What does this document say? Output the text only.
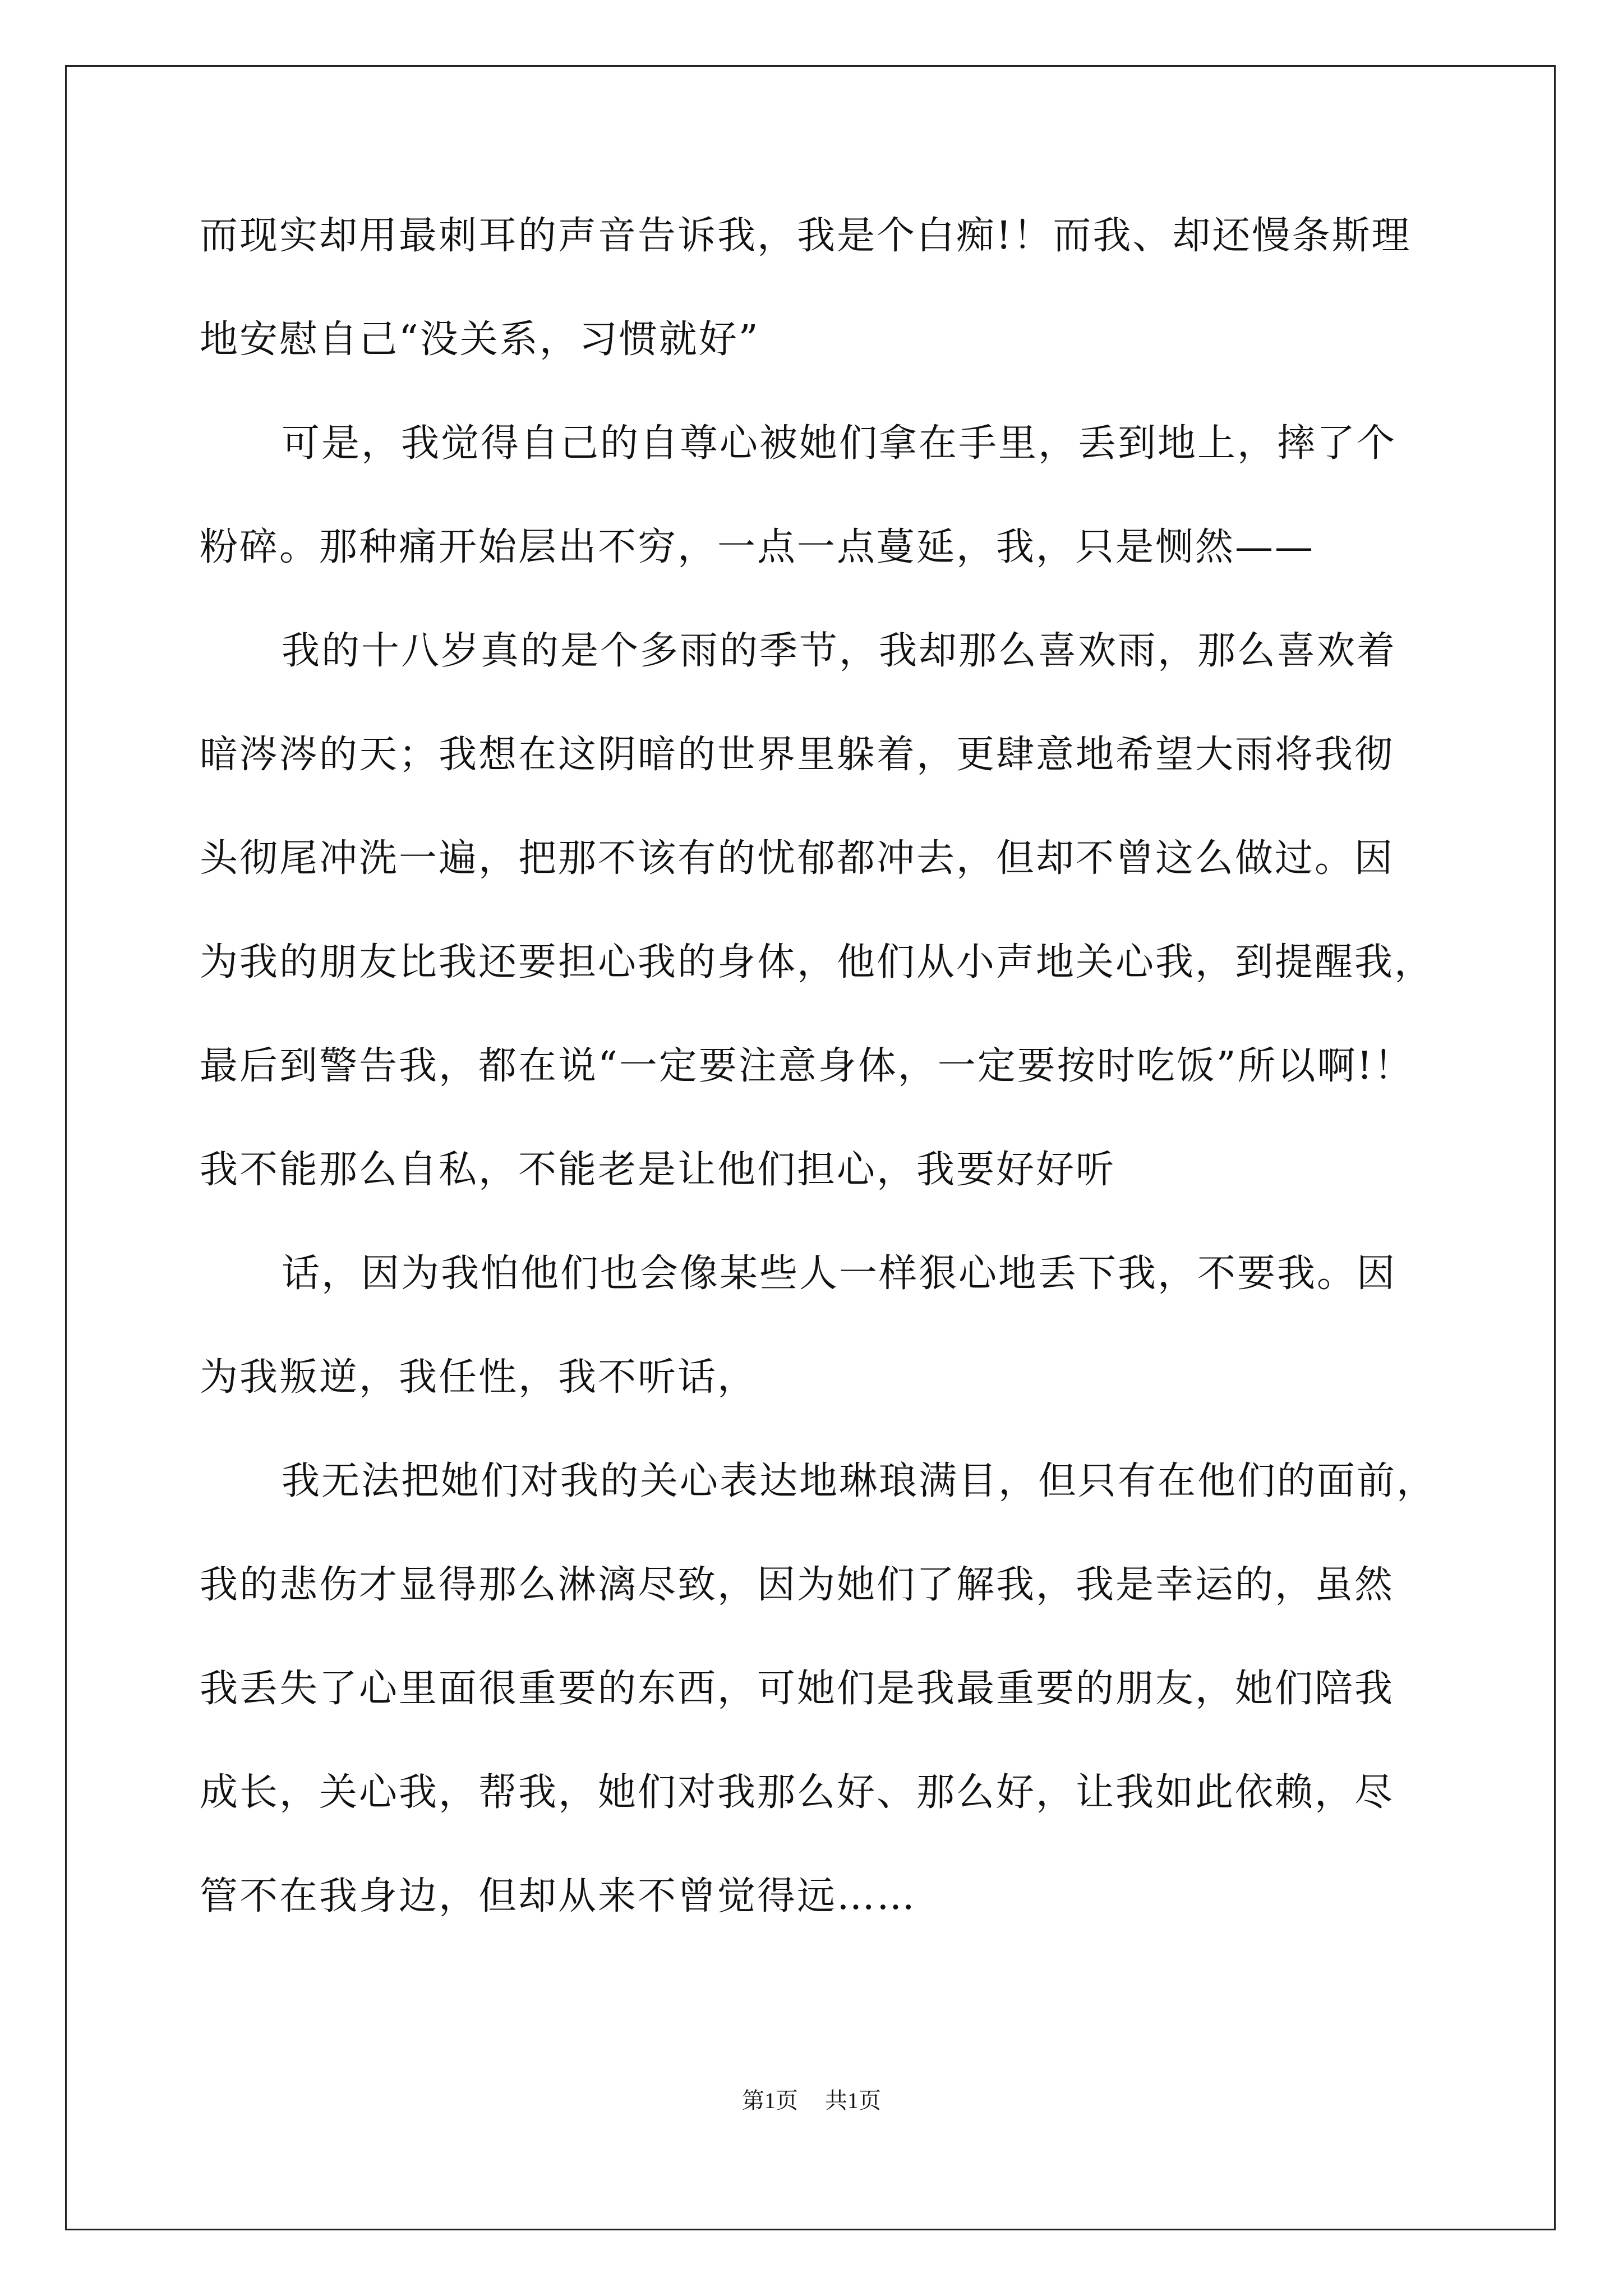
而现实却用最刺耳的声音告诉我，我是个白痴!！而我、却还慢条斯理
地安慰自己“没关系，习惯就好”
可是，我觉得自己的自尊心被她们拿在手里，丢到地上，摔了个
粉碎。那种痛开始层出不穷，一点一点蔓延，我，只是恻然——
我的十八岁真的是个多雨的季节，我却那么喜欢雨，那么喜欢着
暗涔涔的天；我想在这阴暗的世界里躲着，更肆意地希望大雨将我彻
头彻尾冲洗一遍，把那不该有的忧郁都冲去，但却不曾这么做过。因
为我的朋友比我还要担心我的身体，他们从小声地关心我，到提醒我，
最后到警告我，都在说“一定要注意身体，一定要按时吃饭”所以啊!！
我不能那么自私，不能老是让他们担心，我要好好听
话，因为我怕他们也会像某些人一样狠心地丢下我，不要我。因
为我叛逆，我任性，我不听话，
我无法把她们对我的关心表达地琳琅满目，但只有在他们的面前，
我的悲伤才显得那么淋漓尽致，因为她们了解我，我是幸运的，虽然
我丢失了心里面很重要的东西，可她们是我最重要的朋友，她们陪我
成长，关心我，帮我，她们对我那么好、那么好，让我如此依赖，尽
管不在我身边，但却从来不曾觉得远……
第1页 共1页
